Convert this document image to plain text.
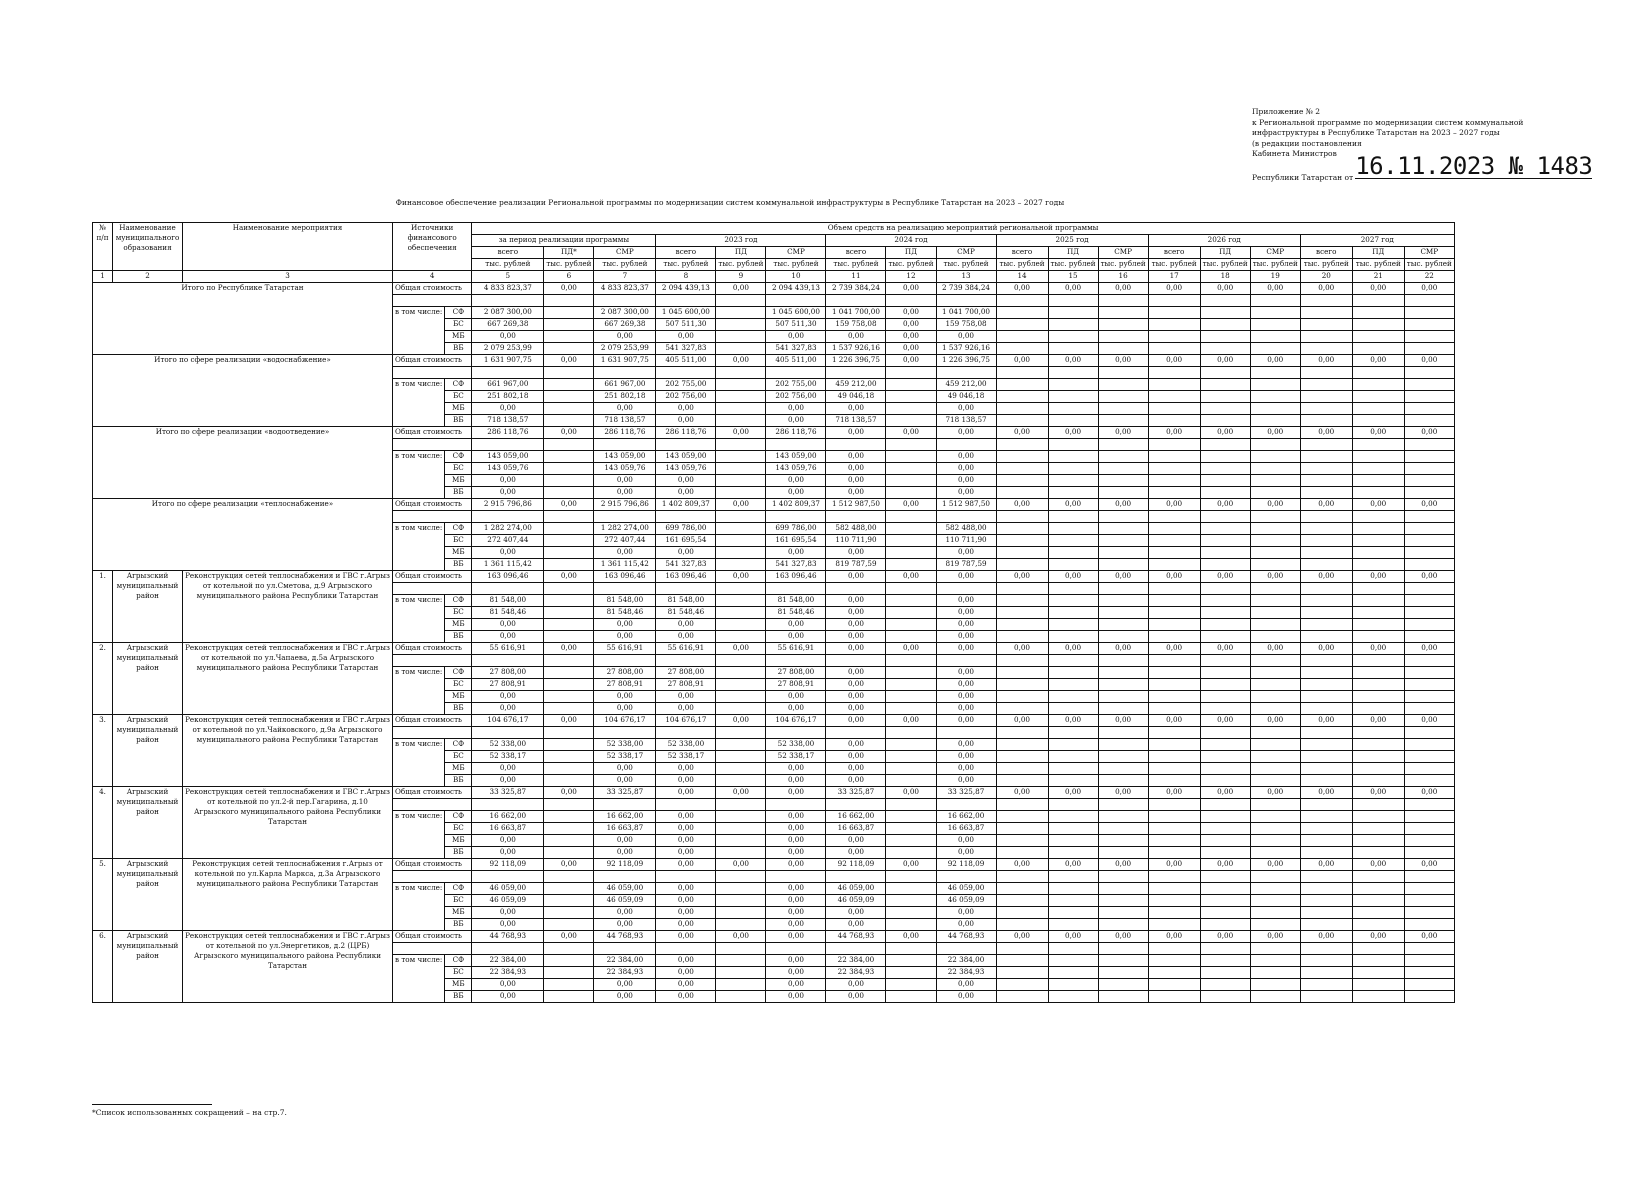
Приложение № 2
к Региональной программе по модернизации систем коммунальной
инфраструктуры в Республике Татарстан на 2023 – 2027 годы
(в редакции постановления
Кабинета Министров
Республики Татарстан от16.11.2023 № 1483
Финансовое обеспечение реализации Региональной программы по модернизации систем коммунальной инфраструктуры в Республике Татарстан на 2023 – 2027 годы
№ п/п	Наименование муниципального образования	Наименование мероприятия	Источники финансового обеспечения		Объем средств на реализацию мероприятий региональной программы																	
					за период реализации программы			2023 год			2024 год			2025 год			2026 год			2027 год		
					всего	ПД*	СМР	всего	ПД	СМР	всего	ПД	СМР	всего	ПД	СМР	всего	ПД	СМР	всего	ПД	СМР
					тыс. рублей	тыс. рублей	тыс. рублей	тыс. рублей	тыс. рублей	тыс. рублей	тыс. рублей	тыс. рублей	тыс. рублей	тыс. рублей	тыс. рублей	тыс. рублей	тыс. рублей	тыс. рублей	тыс. рублей	тыс. рублей	тыс. рублей	тыс. рублей
1	2	3	4		5	6	7	8	9	10	11	12	13	14	15	16	17	18	19	20	21	22
Итого по Республике Татарстан			Общая стоимость		4 833 823,37	0,00	4 833 823,37	2 094 439,13	0,00	2 094 439,13	2 739 384,24	0,00	2 739 384,24	0,00	0,00	0,00	0,00	0,00	0,00	0,00	0,00	0,00

			в том числе:	СФ	2 087 300,00		2 087 300,00	1 045 600,00		1 045 600,00	1 041 700,00	0,00	1 041 700,00									
				БС	667 269,38		667 269,38	507 511,30		507 511,30	159 758,08	0,00	159 758,08									
				МБ	0,00		0,00	0,00		0,00	0,00	0,00	0,00									
				ВБ	2 079 253,99		2 079 253,99	541 327,83		541 327,83	1 537 926,16	0,00	1 537 926,16									
Итого по сфере реализации «водоснабжение»			Общая стоимость		1 631 907,75	0,00	1 631 907,75	405 511,00	0,00	405 511,00	1 226 396,75	0,00	1 226 396,75	0,00	0,00	0,00	0,00	0,00	0,00	0,00	0,00	0,00

			в том числе:	СФ	661 967,00		661 967,00	202 755,00		202 755,00	459 212,00		459 212,00									
				БС	251 802,18		251 802,18	202 756,00		202 756,00	49 046,18		49 046,18									
				МБ	0,00		0,00	0,00		0,00	0,00		0,00									
				ВБ	718 138,57		718 138,57	0,00		0,00	718 138,57		718 138,57									
Итого по сфере реализации «водоотведение»			Общая стоимость		286 118,76	0,00	286 118,76	286 118,76	0,00	286 118,76	0,00	0,00	0,00	0,00	0,00	0,00	0,00	0,00	0,00	0,00	0,00	0,00

			в том числе:	СФ	143 059,00		143 059,00	143 059,00		143 059,00	0,00		0,00									
				БС	143 059,76		143 059,76	143 059,76		143 059,76	0,00		0,00									
				МБ	0,00		0,00	0,00		0,00	0,00		0,00									
				ВБ	0,00		0,00	0,00		0,00	0,00		0,00									
Итого по сфере реализации «теплоснабжение»			Общая стоимость		2 915 796,86	0,00	2 915 796,86	1 402 809,37	0,00	1 402 809,37	1 512 987,50	0,00	1 512 987,50	0,00	0,00	0,00	0,00	0,00	0,00	0,00	0,00	0,00

			в том числе:	СФ	1 282 274,00		1 282 274,00	699 786,00		699 786,00	582 488,00		582 488,00									
				БС	272 407,44		272 407,44	161 695,54		161 695,54	110 711,90		110 711,90									
				МБ	0,00		0,00	0,00		0,00	0,00		0,00									
				ВБ	1 361 115,42		1 361 115,42	541 327,83		541 327,83	819 787,59		819 787,59									
1.	Агрызский муниципальный район	Реконструкция сетей теплоснабжения и ГВС г.Агрыз от котельной по ул.Сметова, д.9 Агрызского муниципального района Республики Татарстан	Общая стоимость		163 096,46	0,00	163 096,46	163 096,46	0,00	163 096,46	0,00	0,00	0,00	0,00	0,00	0,00	0,00	0,00	0,00	0,00	0,00	0,00

			в том числе:	СФ	81 548,00		81 548,00	81 548,00		81 548,00	0,00		0,00									
				БС	81 548,46		81 548,46	81 548,46		81 548,46	0,00		0,00									
				МБ	0,00		0,00	0,00		0,00	0,00		0,00									
				ВБ	0,00		0,00	0,00		0,00	0,00		0,00									
2.	Агрызский муниципальный район	Реконструкция сетей теплоснабжения и ГВС г.Агрыз от котельной по ул.Чапаева, д.5а Агрызского муниципального района Республики Татарстан	Общая стоимость		55 616,91	0,00	55 616,91	55 616,91	0,00	55 616,91	0,00	0,00	0,00	0,00	0,00	0,00	0,00	0,00	0,00	0,00	0,00	0,00

			в том числе:	СФ	27 808,00		27 808,00	27 808,00		27 808,00	0,00		0,00									
				БС	27 808,91		27 808,91	27 808,91		27 808,91	0,00		0,00									
				МБ	0,00		0,00	0,00		0,00	0,00		0,00									
				ВБ	0,00		0,00	0,00		0,00	0,00		0,00									
3.	Агрызский муниципальный район	Реконструкция сетей теплоснабжения и ГВС г.Агрыз от котельной по ул.Чайковского, д.9а Агрызского муниципального района Республики Татарстан	Общая стоимость		104 676,17	0,00	104 676,17	104 676,17	0,00	104 676,17	0,00	0,00	0,00	0,00	0,00	0,00	0,00	0,00	0,00	0,00	0,00	0,00

			в том числе:	СФ	52 338,00		52 338,00	52 338,00		52 338,00	0,00		0,00									
				БС	52 338,17		52 338,17	52 338,17		52 338,17	0,00		0,00									
				МБ	0,00		0,00	0,00		0,00	0,00		0,00									
				ВБ	0,00		0,00	0,00		0,00	0,00		0,00									
4.	Агрызский муниципальный район	Реконструкция сетей теплоснабжения и ГВС г.Агрыз от котельной по ул.2-й пер.Гагарина, д.10 Агрызского муниципального района Республики Татарстан	Общая стоимость		33 325,87	0,00	33 325,87	0,00	0,00	0,00	33 325,87	0,00	33 325,87	0,00	0,00	0,00	0,00	0,00	0,00	0,00	0,00	0,00

			в том числе:	СФ	16 662,00		16 662,00	0,00		0,00	16 662,00		16 662,00									
				БС	16 663,87		16 663,87	0,00		0,00	16 663,87		16 663,87									
				МБ	0,00		0,00	0,00		0,00	0,00		0,00									
				ВБ	0,00		0,00	0,00		0,00	0,00		0,00									
5.	Агрызский муниципальный район	Реконструкция сетей теплоснабжения г.Агрыз от котельной по ул.Карла Маркса, д.3а Агрызского муниципального района Республики Татарстан	Общая стоимость		92 118,09	0,00	92 118,09	0,00	0,00	0,00	92 118,09	0,00	92 118,09	0,00	0,00	0,00	0,00	0,00	0,00	0,00	0,00	0,00

			в том числе:	СФ	46 059,00		46 059,00	0,00		0,00	46 059,00		46 059,00									
				БС	46 059,09		46 059,09	0,00		0,00	46 059,09		46 059,09									
				МБ	0,00		0,00	0,00		0,00	0,00		0,00									
				ВБ	0,00		0,00	0,00		0,00	0,00		0,00									
6.	Агрызский муниципальный район	Реконструкция сетей теплоснабжения и ГВС г.Агрыз от котельной по ул.Энергетиков, д.2 (ЦРБ) Агрызского муниципального района Республики Татарстан	Общая стоимость		44 768,93	0,00	44 768,93	0,00	0,00	0,00	44 768,93	0,00	44 768,93	0,00	0,00	0,00	0,00	0,00	0,00	0,00	0,00	0,00

			в том числе:	СФ	22 384,00		22 384,00	0,00		0,00	22 384,00		22 384,00									
				БС	22 384,93		22 384,93	0,00		0,00	22 384,93		22 384,93									
				МБ	0,00		0,00	0,00		0,00	0,00		0,00									
				ВБ	0,00		0,00	0,00		0,00	0,00		0,00									
*Список использованных сокращений – на стр.7.
